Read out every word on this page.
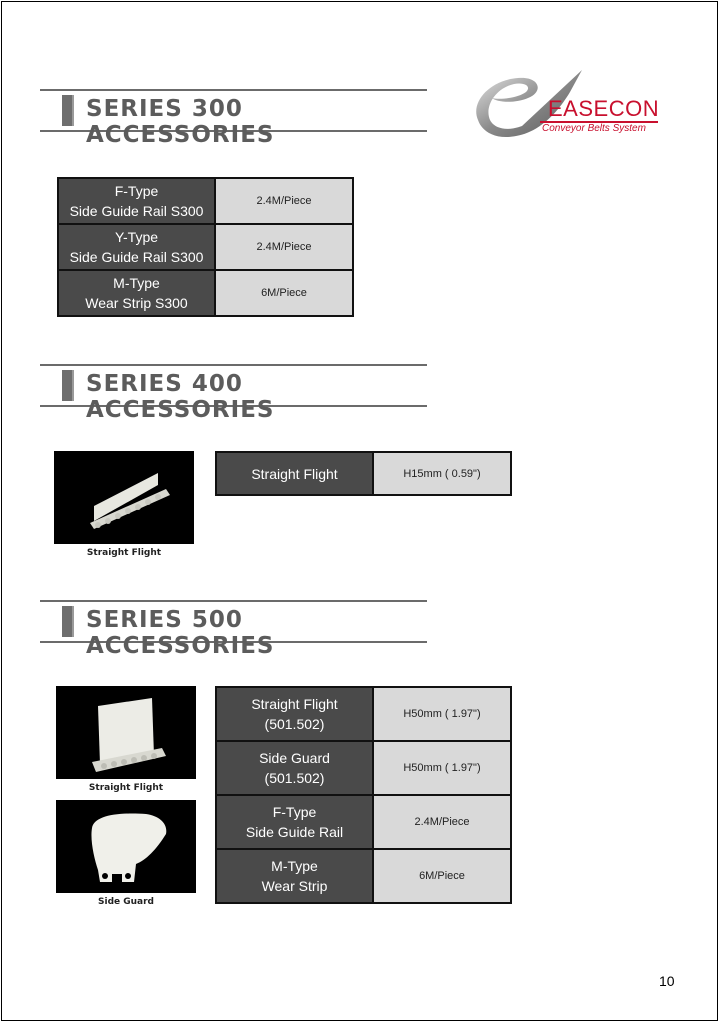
EASECON
Conveyor Belts System
SERIES 300 ACCESSORIES
F-Type
Side Guide Rail S300	2.4M/Piece
Y-Type
Side Guide Rail S300	2.4M/Piece
M-Type
Wear Strip S300	6M/Piece
SERIES 400 ACCESSORIES
Straight Flight
Straight Flight	H15mm ( 0.59")
SERIES 500 ACCESSORIES
Straight Flight
Side Guard
Straight Flight
(501.502)	H50mm ( 1.97")
Side Guard
(501.502)	H50mm ( 1.97")
F-Type
Side Guide Rail	2.4M/Piece
M-Type
Wear Strip	6M/Piece
10
